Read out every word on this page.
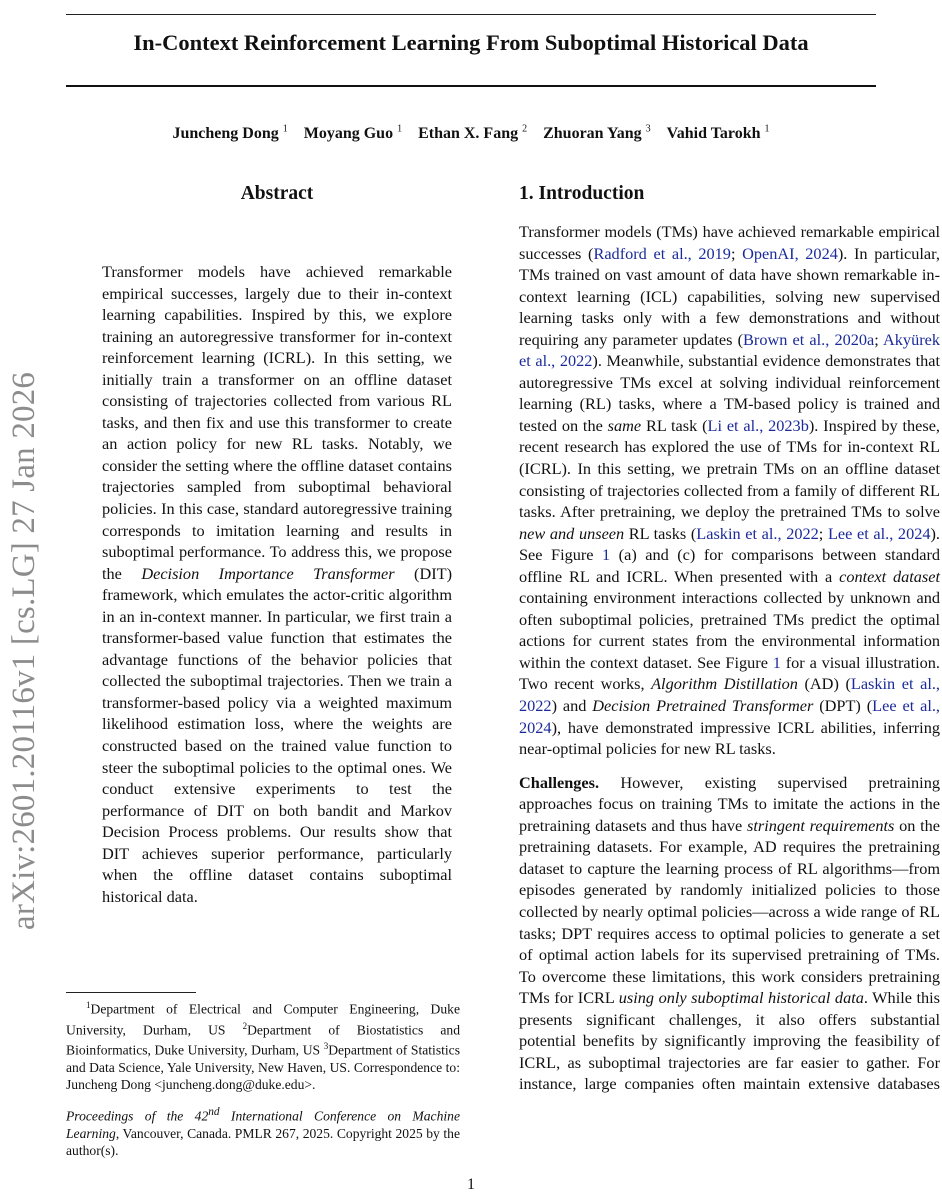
In-Context Reinforcement Learning From Suboptimal Historical Data
Juncheng Dong $^1$ Moyang Guo $^1$ Ethan X. Fang $^2$ Zhuoran Yang $^3$ Vahid Tarokh $^1$
arXiv:2601.20116v1 [cs.LG] 27 Jan 2026
Abstract
Transformer models have achieved remarkable empirical successes, largely due to their in-context learning capabilities. Inspired by this, we explore training an autoregressive transformer for in-context reinforcement learning (ICRL). In this setting, we initially train a transformer on an offline dataset consisting of trajectories collected from various RL tasks, and then fix and use this transformer to create an action policy for new RL tasks. Notably, we consider the setting where the offline dataset contains trajectories sampled from suboptimal behavioral policies. In this case, standard autoregressive training corresponds to imitation learning and results in suboptimal performance. To address this, we propose the Decision Importance Transformer (DIT) framework, which emulates the actor-critic algorithm in an in-context manner. In particular, we first train a transformer-based value function that estimates the advantage functions of the behavior policies that collected the suboptimal trajectories. Then we train a transformer-based policy via a weighted maximum likelihood estimation loss, where the weights are constructed based on the trained value function to steer the suboptimal policies to the optimal ones. We conduct extensive experiments to test the performance of DIT on both bandit and Markov Decision Process problems. Our results show that DIT achieves superior performance, particularly when the offline dataset contains suboptimal historical data.
1. Introduction
Transformer models (TMs) have achieved remarkable empirical successes (Radford et al., 2019; OpenAI, 2024). In particular, TMs trained on vast amount of data have shown remarkable in-context learning (ICL) capabilities, solving new supervised learning tasks only with a few demonstrations and without requiring any parameter updates (Brown et al., 2020a; Akyürek et al., 2022). Meanwhile, substantial evidence demonstrates that autoregressive TMs excel at solving individual reinforcement learning (RL) tasks, where a TM-based policy is trained and tested on the same RL task (Li et al., 2023b). Inspired by these, recent research has explored the use of TMs for in-context RL (ICRL). In this setting, we pretrain TMs on an offline dataset consisting of trajectories collected from a family of different RL tasks. After pretraining, we deploy the pretrained TMs to solve new and unseen RL tasks (Laskin et al., 2022; Lee et al., 2024). See Figure 1 (a) and (c) for comparisons between standard offline RL and ICRL. When presented with a context dataset containing environment interactions collected by unknown and often suboptimal policies, pretrained TMs predict the optimal actions for current states from the environmental information within the context dataset. See Figure 1 for a visual illustration. Two recent works, Algorithm Distillation (AD) (Laskin et al., 2022) and Decision Pretrained Transformer (DPT) (Lee et al., 2024), have demonstrated impressive ICRL abilities, inferring near-optimal policies for new RL tasks.
Challenges. However, existing supervised pretraining approaches focus on training TMs to imitate the actions in the pretraining datasets and thus have stringent requirements on the pretraining datasets. For example, AD requires the pretraining dataset to capture the learning process of RL algorithms—from episodes generated by randomly initialized policies to those collected by nearly optimal policies—across a wide range of RL tasks; DPT requires access to optimal policies to generate a set of optimal action labels for its supervised pretraining of TMs. To overcome these limitations, this work considers pretraining TMs for ICRL using only suboptimal historical data. While this presents significant challenges, it also offers substantial potential benefits by significantly improving the feasibility of ICRL, as suboptimal trajectories are far easier to gather. For instance, large companies often maintain extensive databases
$^1$Department of Electrical and Computer Engineering, Duke University, Durham, US $^2$Department of Biostatistics and Bioinformatics, Duke University, Durham, US $^3$Department of Statistics and Data Science, Yale University, New Haven, US. Correspondence to: Juncheng Dong <juncheng.dong@duke.edu>.
Proceedings of the 42nd International Conference on Machine Learning, Vancouver, Canada. PMLR 267, 2025. Copyright 2025 by the author(s).
1
